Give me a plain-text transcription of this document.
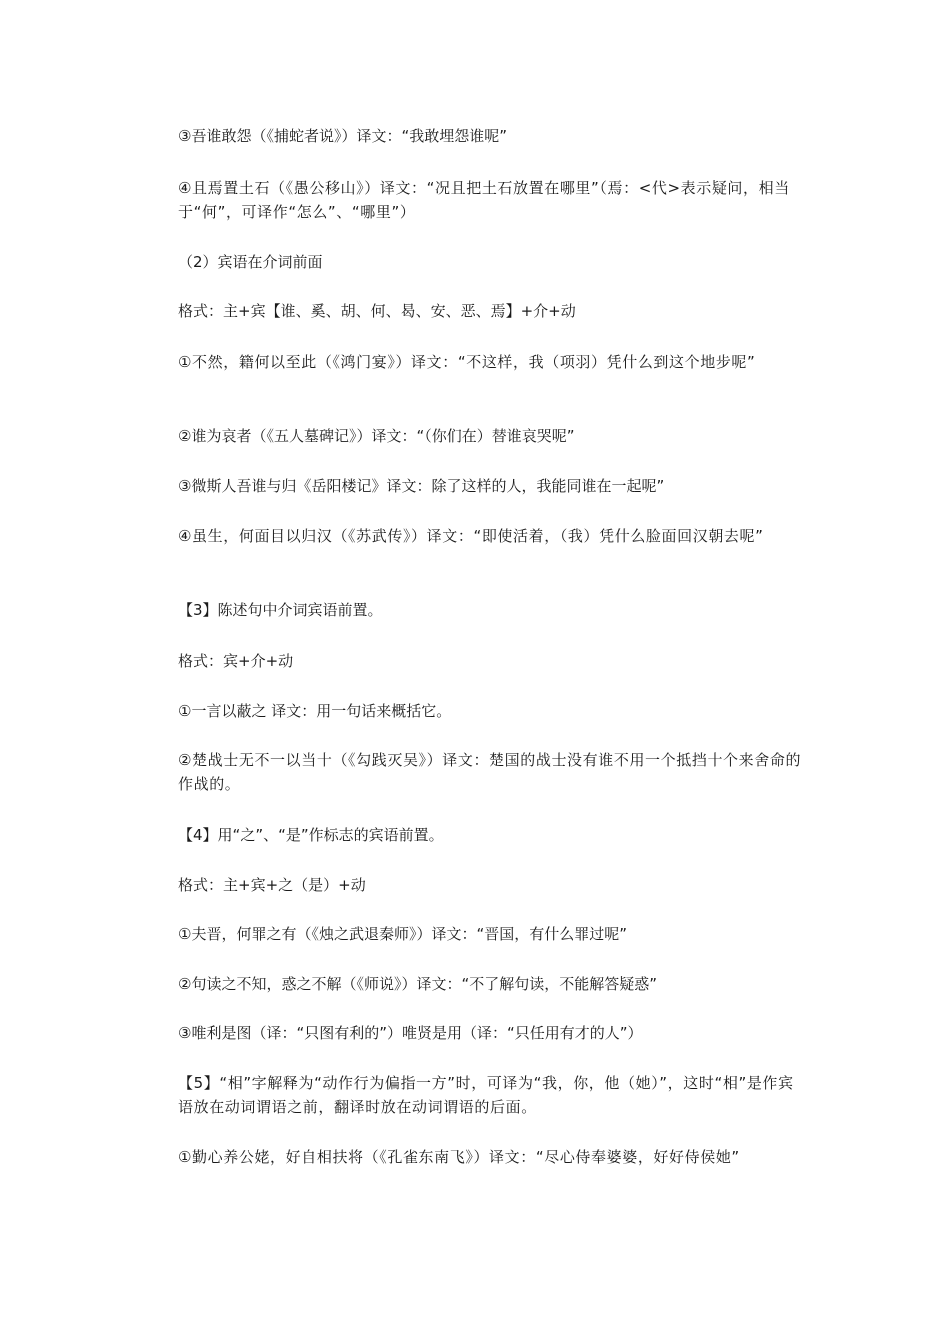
③吾谁敢怨（《捕蛇者说》）译文：“我敢埋怨谁呢”
④且焉置土石（《愚公移山》）译文：“况且把土石放置在哪里”（焉：<代>表示疑问，相当于“何”，可译作“怎么”、“哪里”）
（2）宾语在介词前面
格式：主+宾【谁、奚、胡、何、曷、安、恶、焉】+介+动
①不然，籍何以至此（《鸿门宴》）译文：“不这样，我（项羽）凭什么到这个地步呢”
②谁为哀者（《五人墓碑记》）译文：“（你们在）替谁哀哭呢”
③微斯人吾谁与归《岳阳楼记》译文：除了这样的人，我能同谁在一起呢”
④虽生，何面目以归汉（《苏武传》）译文：“即使活着，（我）凭什么脸面回汉朝去呢”
【3】陈述句中介词宾语前置。
格式：宾+介+动
①一言以蔽之 译文：用一句话来概括它。
②楚战士无不一以当十（《勾践灭吴》）译文：楚国的战士没有谁不用一个抵挡十个来舍命的作战的。
【4】用“之”、“是”作标志的宾语前置。
格式：主+宾+之（是）+动
①夫晋，何罪之有（《烛之武退秦师》）译文：“晋国，有什么罪过呢”
②句读之不知，惑之不解（《师说》）译文：“不了解句读，不能解答疑惑”
③唯利是图（译：“只图有利的”）唯贤是用（译：“只任用有才的人”）
【5】“相”字解释为“动作行为偏指一方”时，可译为“我，你，他（她）”，这时“相”是作宾语放在动词谓语之前，翻译时放在动词谓语的后面。
①勤心养公姥，好自相扶将（《孔雀东南飞》）译文：“尽心侍奉婆婆，好好侍侯她”
